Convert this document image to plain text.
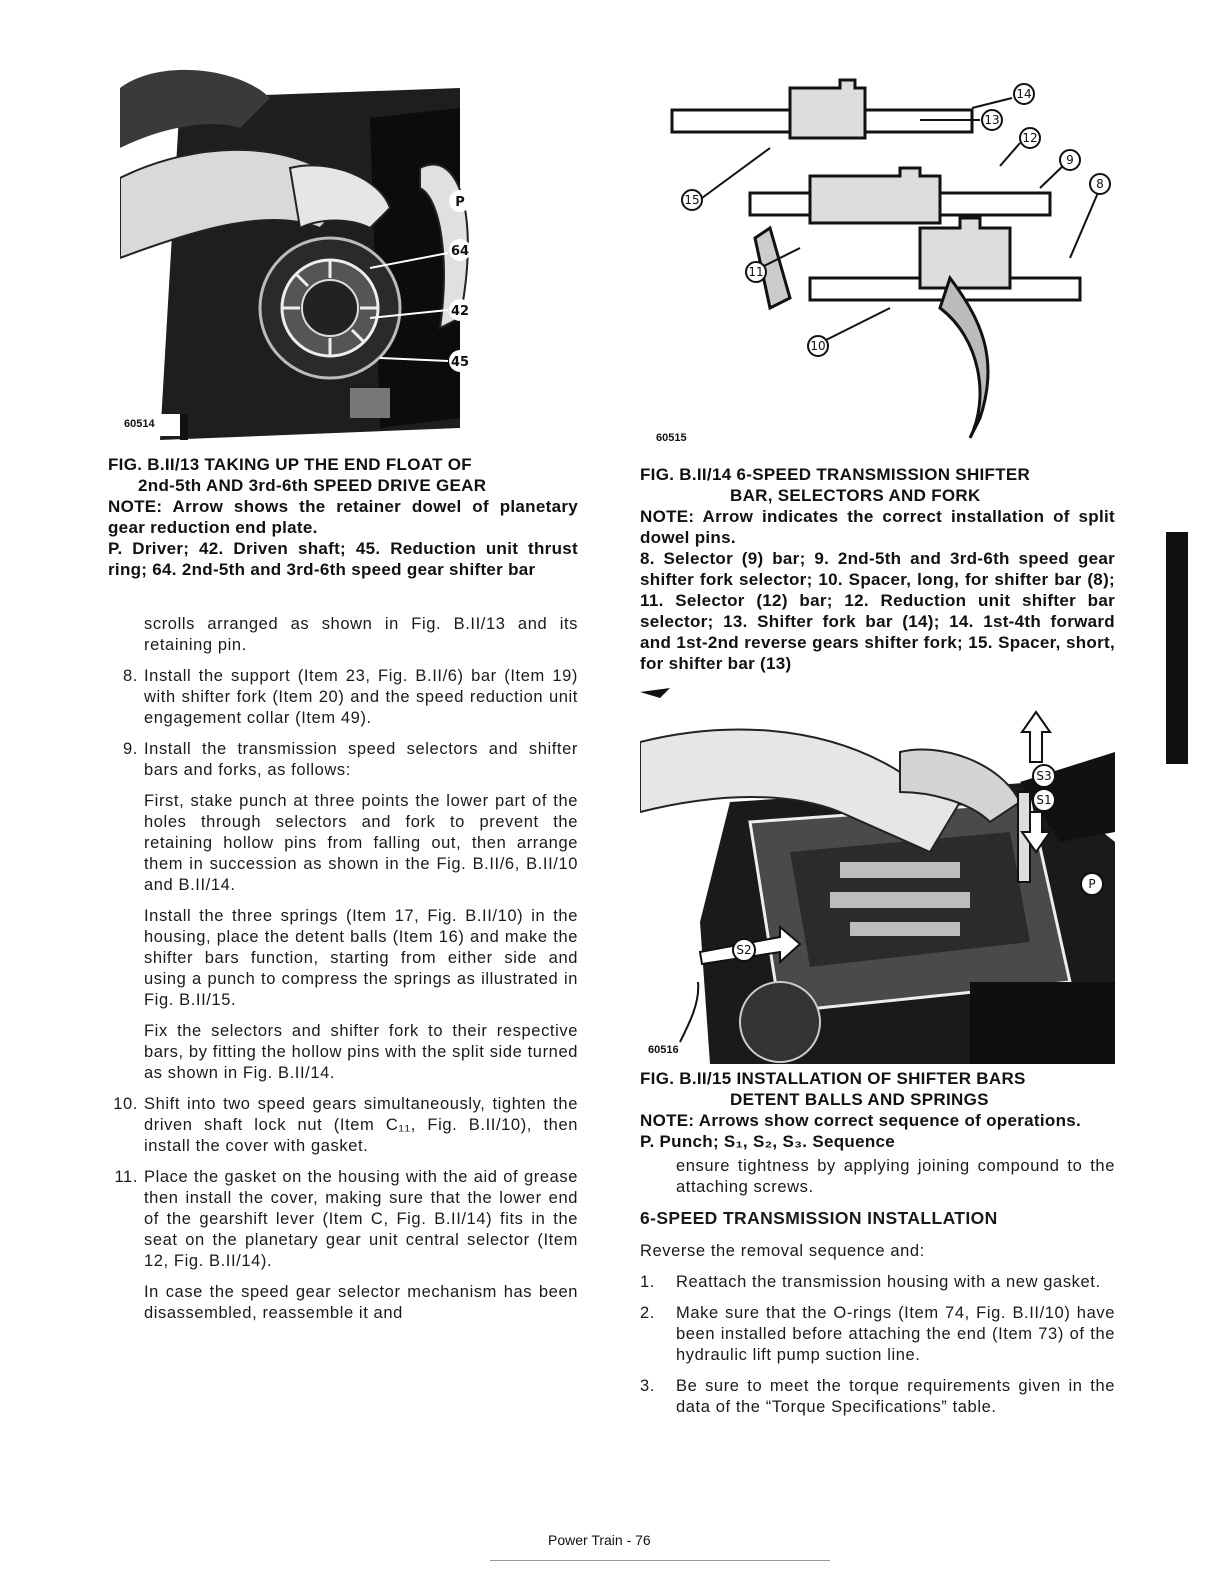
P
64
42
45
60514
FIG. B.II/13 TAKING UP THE END FLOAT OF
2nd-5th AND 3rd-6th SPEED DRIVE GEAR

NOTE: Arrow shows the retainer dowel of planetary gear reduction end plate.

P. Driver; 42. Driven shaft; 45. Reduction unit thrust ring; 64. 2nd-5th and 3rd-6th speed gear shifter bar

scrolls arranged as shown in Fig. B.II/13 and its retaining pin.

8. Install the support (Item 23, Fig. B.II/6) bar (Item 19) with shifter fork (Item 20) and the speed reduction unit engagement collar (Item 49).
9. Install the transmission speed selectors and shifter bars and forks, as follows:

First, stake punch at three points the lower part of the holes through selectors and fork to prevent the retaining hollow pins from falling out, then arrange them in succession as shown in the Fig. B.II/6, B.II/10 and B.II/14.

Install the three springs (Item 17, Fig. B.II/10) in the housing, place the detent balls (Item 16) and make the shifter bars function, starting from either side and using a punch to compress the springs as illustrated in Fig. B.II/15.

Fix the selectors and shifter fork to their respective bars, by fitting the hollow pins with the split side turned as shown in Fig. B.II/14.

10. Shift into two speed gears simultaneously, tighten the driven shaft lock nut (Item C₁₁, Fig. B.II/10), then install the cover with gasket.
11. Place the gasket on the housing with the aid of grease then install the cover, making sure that the lower end of the gearshift lever (Item C, Fig. B.II/14) fits in the seat on the planetary gear unit central selector (Item 12, Fig. B.II/14).

In case the speed gear selector mechanism has been disassembled, reassemble it and

14
13
12
9
8
15
11
10
60515
FIG. B.II/14 6-SPEED TRANSMISSION SHIFTER

BAR, SELECTORS AND FORK

NOTE: Arrow indicates the correct installation of split dowel pins.

8. Selector (9) bar; 9. 2nd-5th and 3rd-6th speed gear shifter fork selector; 10. Spacer, long, for shifter bar (8); 11. Selector (12) bar; 12. Reduction unit shifter bar selector; 13. Shifter fork bar (14); 14. 1st-4th forward and 1st-2nd reverse gears shifter fork; 15. Spacer, short, for shifter bar (13)

S3
S1
P
S2
60516
FIG. B.II/15 INSTALLATION OF SHIFTER BARS

DETENT BALLS AND SPRINGS

NOTE: Arrows show correct sequence of operations.

P. Punch; S₁, S₂, S₃. Sequence

ensure tightness by applying joining compound to the attaching screws.

6-SPEED TRANSMISSION INSTALLATION

Reverse the removal sequence and:

1.	Reattach the transmission housing with a new gasket.
2.	Make sure that the O-rings (Item 74, Fig. B.II/10) have been installed before attaching the end (Item 73) of the hydraulic lift pump suction line.
3.	Be sure to meet the torque requirements given in the data of the “Torque Specifications” table.
Power Train - 76
